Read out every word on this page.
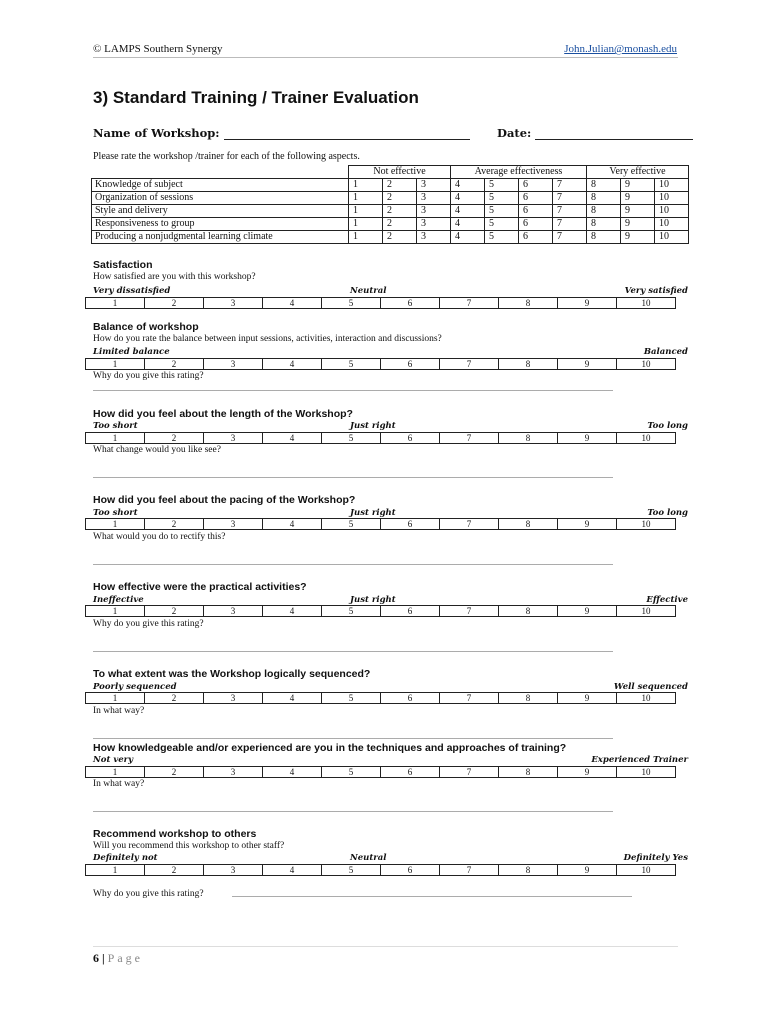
© LAMPS Southern Synergy	John.Julian@monash.edu
3) Standard Training / Trainer Evaluation
Name of Workshop:	Date:
Please rate the workshop /trainer for each of the following aspects.
	Not effective			Average effectiveness				Very effective		
Knowledge of subject	1	2	3	4	5	6	7	8	9	10
Organization of sessions	1	2	3	4	5	6	7	8	9	10
Style and delivery	1	2	3	4	5	6	7	8	9	10
Responsiveness to group	1	2	3	4	5	6	7	8	9	10
Producing a nonjudgmental learning climate	1	2	3	4	5	6	7	8	9	10
Satisfaction
How satisfied are you with this workshop?
Very dissatisfied	Neutral	Very satisfied
1	2	3	4	5	6	7	8	9	10
Balance of workshop
How do you rate the balance between input sessions, activities, interaction and discussions?
Limited balance	Balanced
1	2	3	4	5	6	7	8	9	10
Why do you give this rating?
....................................................................................................................................................................................................................................................................
How did you feel about the length of the Workshop?
Too short	Just right	Too long
1	2	3	4	5	6	7	8	9	10
What change would you like see?
....................................................................................................................................................................................................................................................................
How did you feel about the pacing of the Workshop?
Too short	Just right	Too long
1	2	3	4	5	6	7	8	9	10
What would you do to rectify this?
....................................................................................................................................................................................................................................................................
How effective were the practical activities?
Ineffective	Just right	Effective
1	2	3	4	5	6	7	8	9	10
Why do you give this rating?
....................................................................................................................................................................................................................................................................
To what extent was the Workshop logically sequenced?
Poorly sequenced	Well sequenced
1	2	3	4	5	6	7	8	9	10
In what way?
....................................................................................................................................................................................................................................................................
How knowledgeable and/or experienced are you in the techniques and approaches of training?
Not very	Experienced Trainer
1	2	3	4	5	6	7	8	9	10
In what way?
....................................................................................................................................................................................................................................................................
Recommend workshop to others
Will you recommend this workshop to other staff?
Definitely not	Neutral	Definitely Yes
1	2	3	4	5	6	7	8	9	10
Why do you give this rating?	........................................................................................................................................................................................................
6 | Page
